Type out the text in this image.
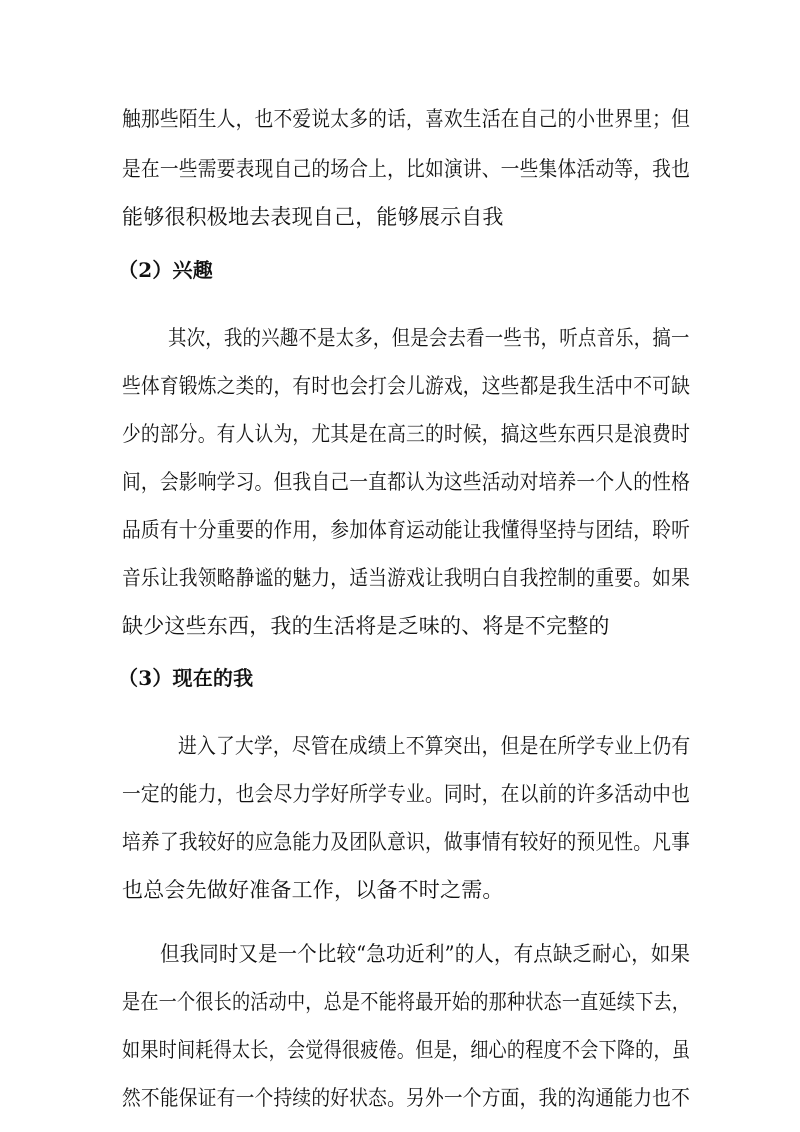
触那些陌生人，也不爱说太多的话，喜欢生活在自己的小世界里；但
是在一些需要表现自己的场合上，比如演讲、一些集体活动等，我也
能够很积极地去表现自己，能够展示自我
（2）兴趣
其次，我的兴趣不是太多，但是会去看一些书，听点音乐，搞一
些体育锻炼之类的，有时也会打会儿游戏，这些都是我生活中不可缺
少的部分。有人认为，尤其是在高三的时候，搞这些东西只是浪费时
间，会影响学习。但我自己一直都认为这些活动对培养一个人的性格
品质有十分重要的作用，参加体育运动能让我懂得坚持与团结，聆听
音乐让我领略静谧的魅力，适当游戏让我明白自我控制的重要。如果
缺少这些东西，我的生活将是乏味的、将是不完整的
（3）现在的我
进入了大学，尽管在成绩上不算突出，但是在所学专业上仍有
一定的能力，也会尽力学好所学专业。同时，在以前的许多活动中也
培养了我较好的应急能力及团队意识，做事情有较好的预见性。凡事
也总会先做好准备工作，以备不时之需。
但我同时又是一个比较“急功近利”的人，有点缺乏耐心，如果
是在一个很长的活动中，总是不能将最开始的那种状态一直延续下去，
如果时间耗得太长，会觉得很疲倦。但是，细心的程度不会下降的，虽
然不能保证有一个持续的好状态。另外一个方面，我的沟通能力也不
